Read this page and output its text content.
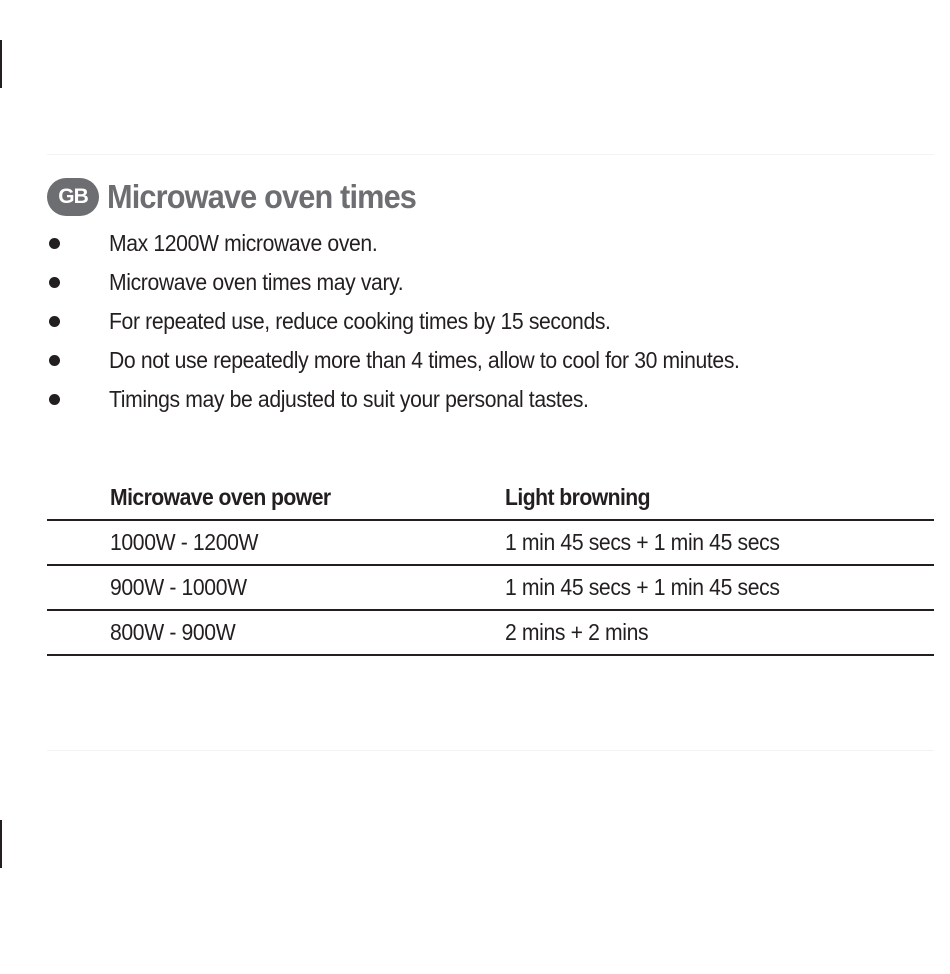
GB Microwave oven times
Max 1200W microwave oven.
Microwave oven times may vary.
For repeated use, reduce cooking times by 15 seconds.
Do not use repeatedly more than 4 times, allow to cool for 30 minutes.
Timings may be adjusted to suit your personal tastes.
Microwave oven power	Light browning
1000W - 1200W	1 min 45 secs + 1 min 45 secs
900W - 1000W	1 min 45 secs + 1 min 45 secs
800W - 900W	2 mins + 2 mins
